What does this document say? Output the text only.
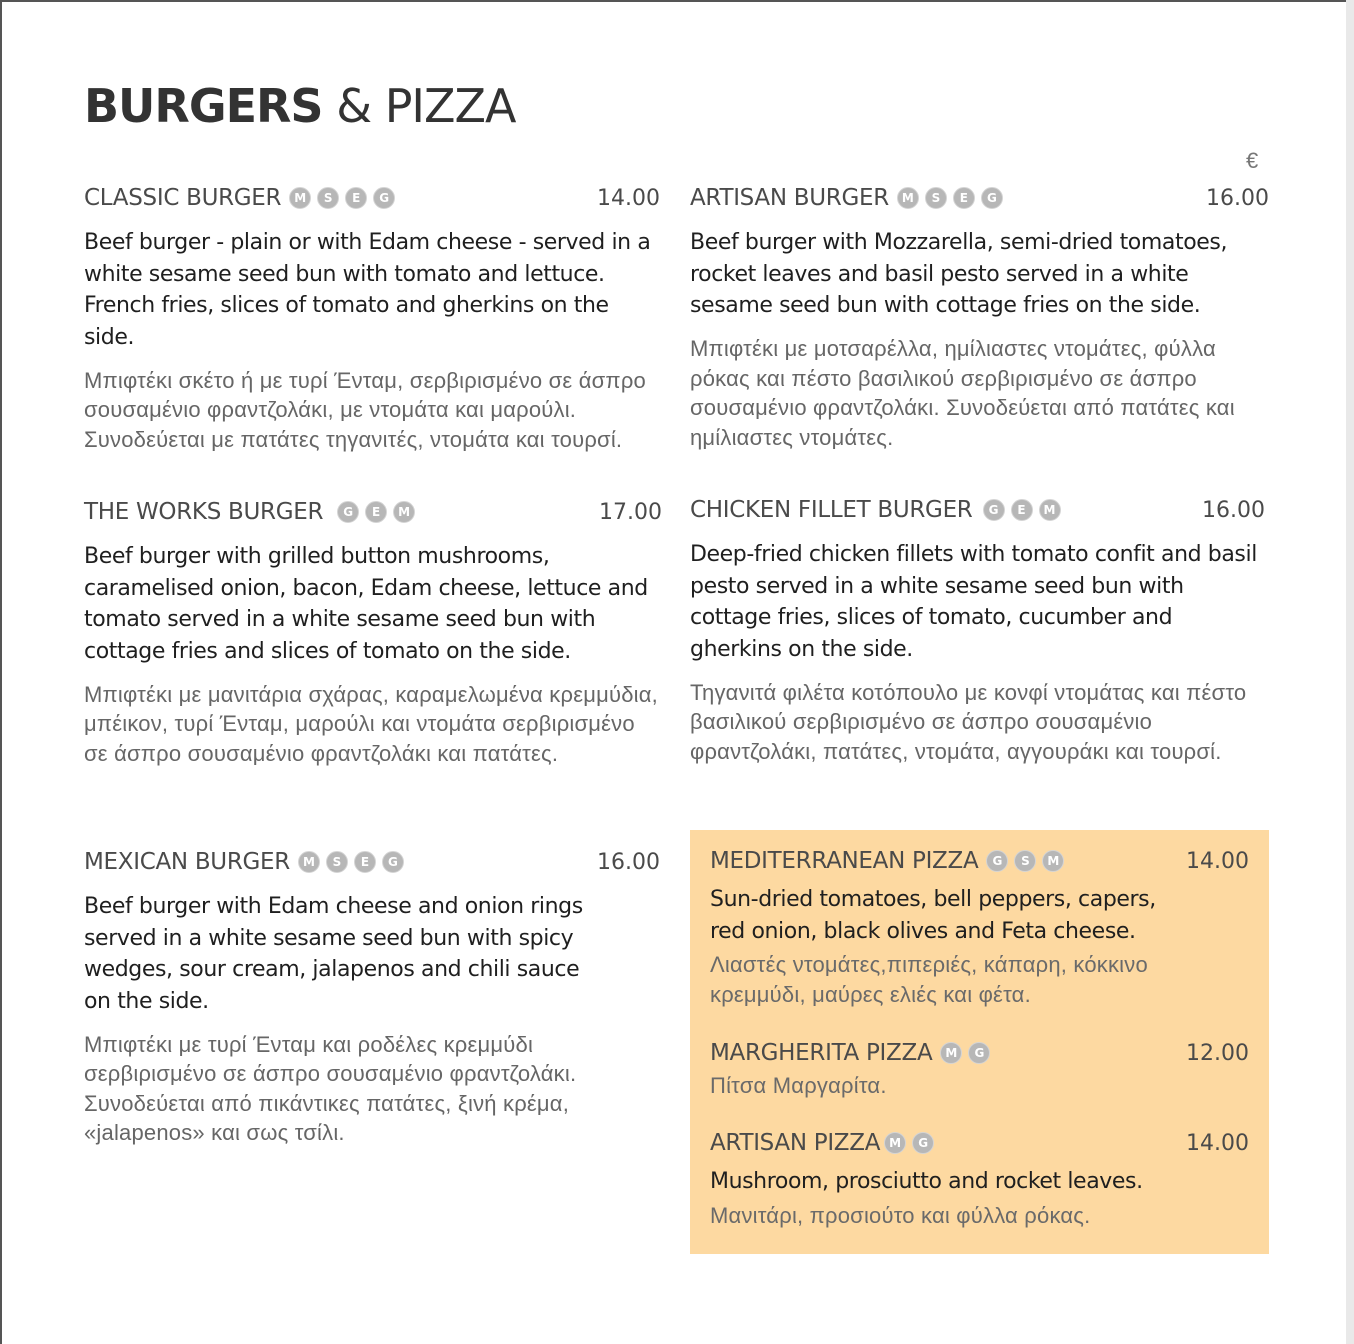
BURGERS & PIZZA
€
CLASSIC BURGER	M	S	E	G	14.00
Beef burger - plain or with Edam cheese - served in a white sesame seed bun with tomato and lettuce. French fries, slices of tomato and gherkins on the side.
Μπιφτέκι σκέτο ή με τυρί Ένταμ, σερβιρισμένο σε άσπρο σουσαμένιο φραντζολάκι, με ντομάτα και μαρούλι. Συνοδεύεται με πατάτες τηγανιτές, ντομάτα και τουρσί.
ARTISAN BURGER	M	S	E	G	16.00
Beef burger with Mozzarella, semi-dried tomatoes, rocket leaves and basil pesto served in a white sesame seed bun with cottage fries on the side.
Μπιφτέκι με μοτσαρέλλα, ημίλιαστες ντομάτες, φύλλα ρόκας και πέστο βασιλικού σερβιρισμένο σε άσπρο σουσαμένιο φραντζολάκι. Συνοδεύεται από πατάτες και ημίλιαστες ντομάτες.
THE WORKS BURGER	G	E	M	17.00
Beef burger with grilled button mushrooms, caramelised onion, bacon, Edam cheese, lettuce and tomato served in a white sesame seed bun with cottage fries and slices of tomato on the side.
Μπιφτέκι με μανιτάρια σχάρας, καραμελωμένα κρεμμύδια, μπέικον, τυρί Ένταμ, μαρούλι και ντομάτα σερβιρισμένο σε άσπρο σουσαμένιο φραντζολάκι και πατάτες.
CHICKEN FILLET BURGER	G	E	M	16.00
Deep-fried chicken fillets with tomato confit and basil pesto served in a white sesame seed bun with cottage fries, slices of tomato, cucumber and gherkins on the side.
Τηγανιτά φιλέτα κοτόπουλο με κονφί ντομάτας και πέστο βασιλικού σερβιρισμένο σε άσπρο σουσαμένιο φραντζολάκι, πατάτες, ντομάτα, αγγουράκι και τουρσί.
MEXICAN BURGER	M	S	E	G	16.00
Beef burger with Edam cheese and onion rings served in a white sesame seed bun with spicy wedges, sour cream, jalapenos and chili sauce on the side.
Μπιφτέκι με τυρί Ένταμ και ροδέλες κρεμμύδι σερβιρισμένο σε άσπρο σουσαμένιο φραντζολάκι. Συνοδεύεται από πικάντικες πατάτες, ξινή κρέμα, «jalapenos» και σως τσίλι.
MEDITERRANEAN PIZZA	G	S	M	14.00
Sun-dried tomatoes, bell peppers, capers, red onion, black olives and Feta cheese.
Λιαστές ντομάτες,πιπεριές, κάπαρη, κόκκινο κρεμμύδι, μαύρες ελιές και φέτα.
MARGHERITA PIZZA	M	G	12.00
Πίτσα Μαργαρίτα.
ARTISAN PIZZA M	G	14.00
Mushroom, prosciutto and rocket leaves.
Μανιτάρι, προσιούτο και φύλλα ρόκας.
